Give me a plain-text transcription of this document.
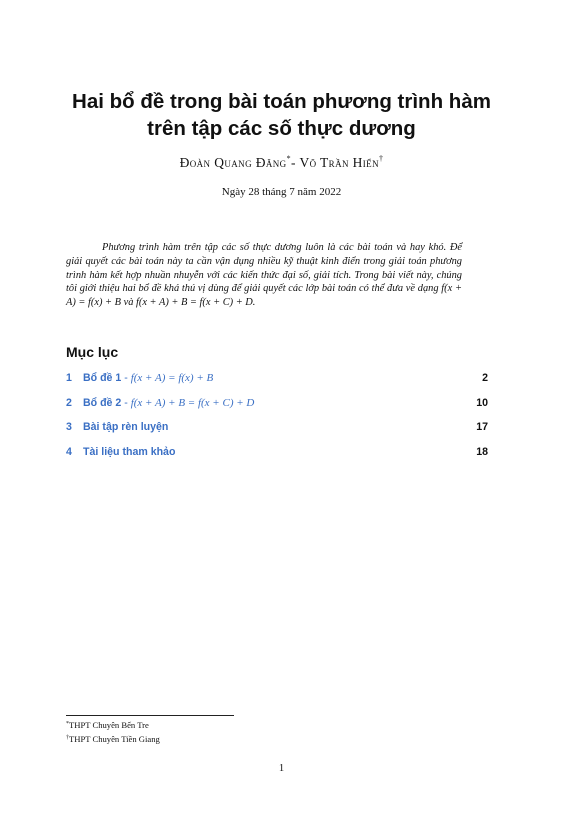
Hai bổ đề trong bài toán phương trình hàm
trên tập các số thực dương
Đoàn Quang Đăng*- Võ Trần Hiển†
Ngày 28 tháng 7 năm 2022
Phương trình hàm trên tập các số thực dương luôn là các bài toán và hay khó. Để giải quyết các bài toán này ta cần vận dụng nhiều kỹ thuật kinh điển trong giải toán phương trình hàm kết hợp nhuần nhuyễn với các kiến thức đại số, giải tích. Trong bài viết này, chúng tôi giới thiệu hai bổ đề khá thú vị dùng để giải quyết các lớp bài toán có thể đưa về dạng f(x + A) = f(x) + B và f(x + A) + B = f(x + C) + D.
Mục lục
1 Bổ đề 1 - f(x + A) = f(x) + B	2
2 Bổ đề 2 - f(x + A) + B = f(x + C) + D	10
3 Bài tập rèn luyện	17
4 Tài liệu tham khảo	18
*THPT Chuyên Bến Tre
†THPT Chuyên Tiền Giang
1
